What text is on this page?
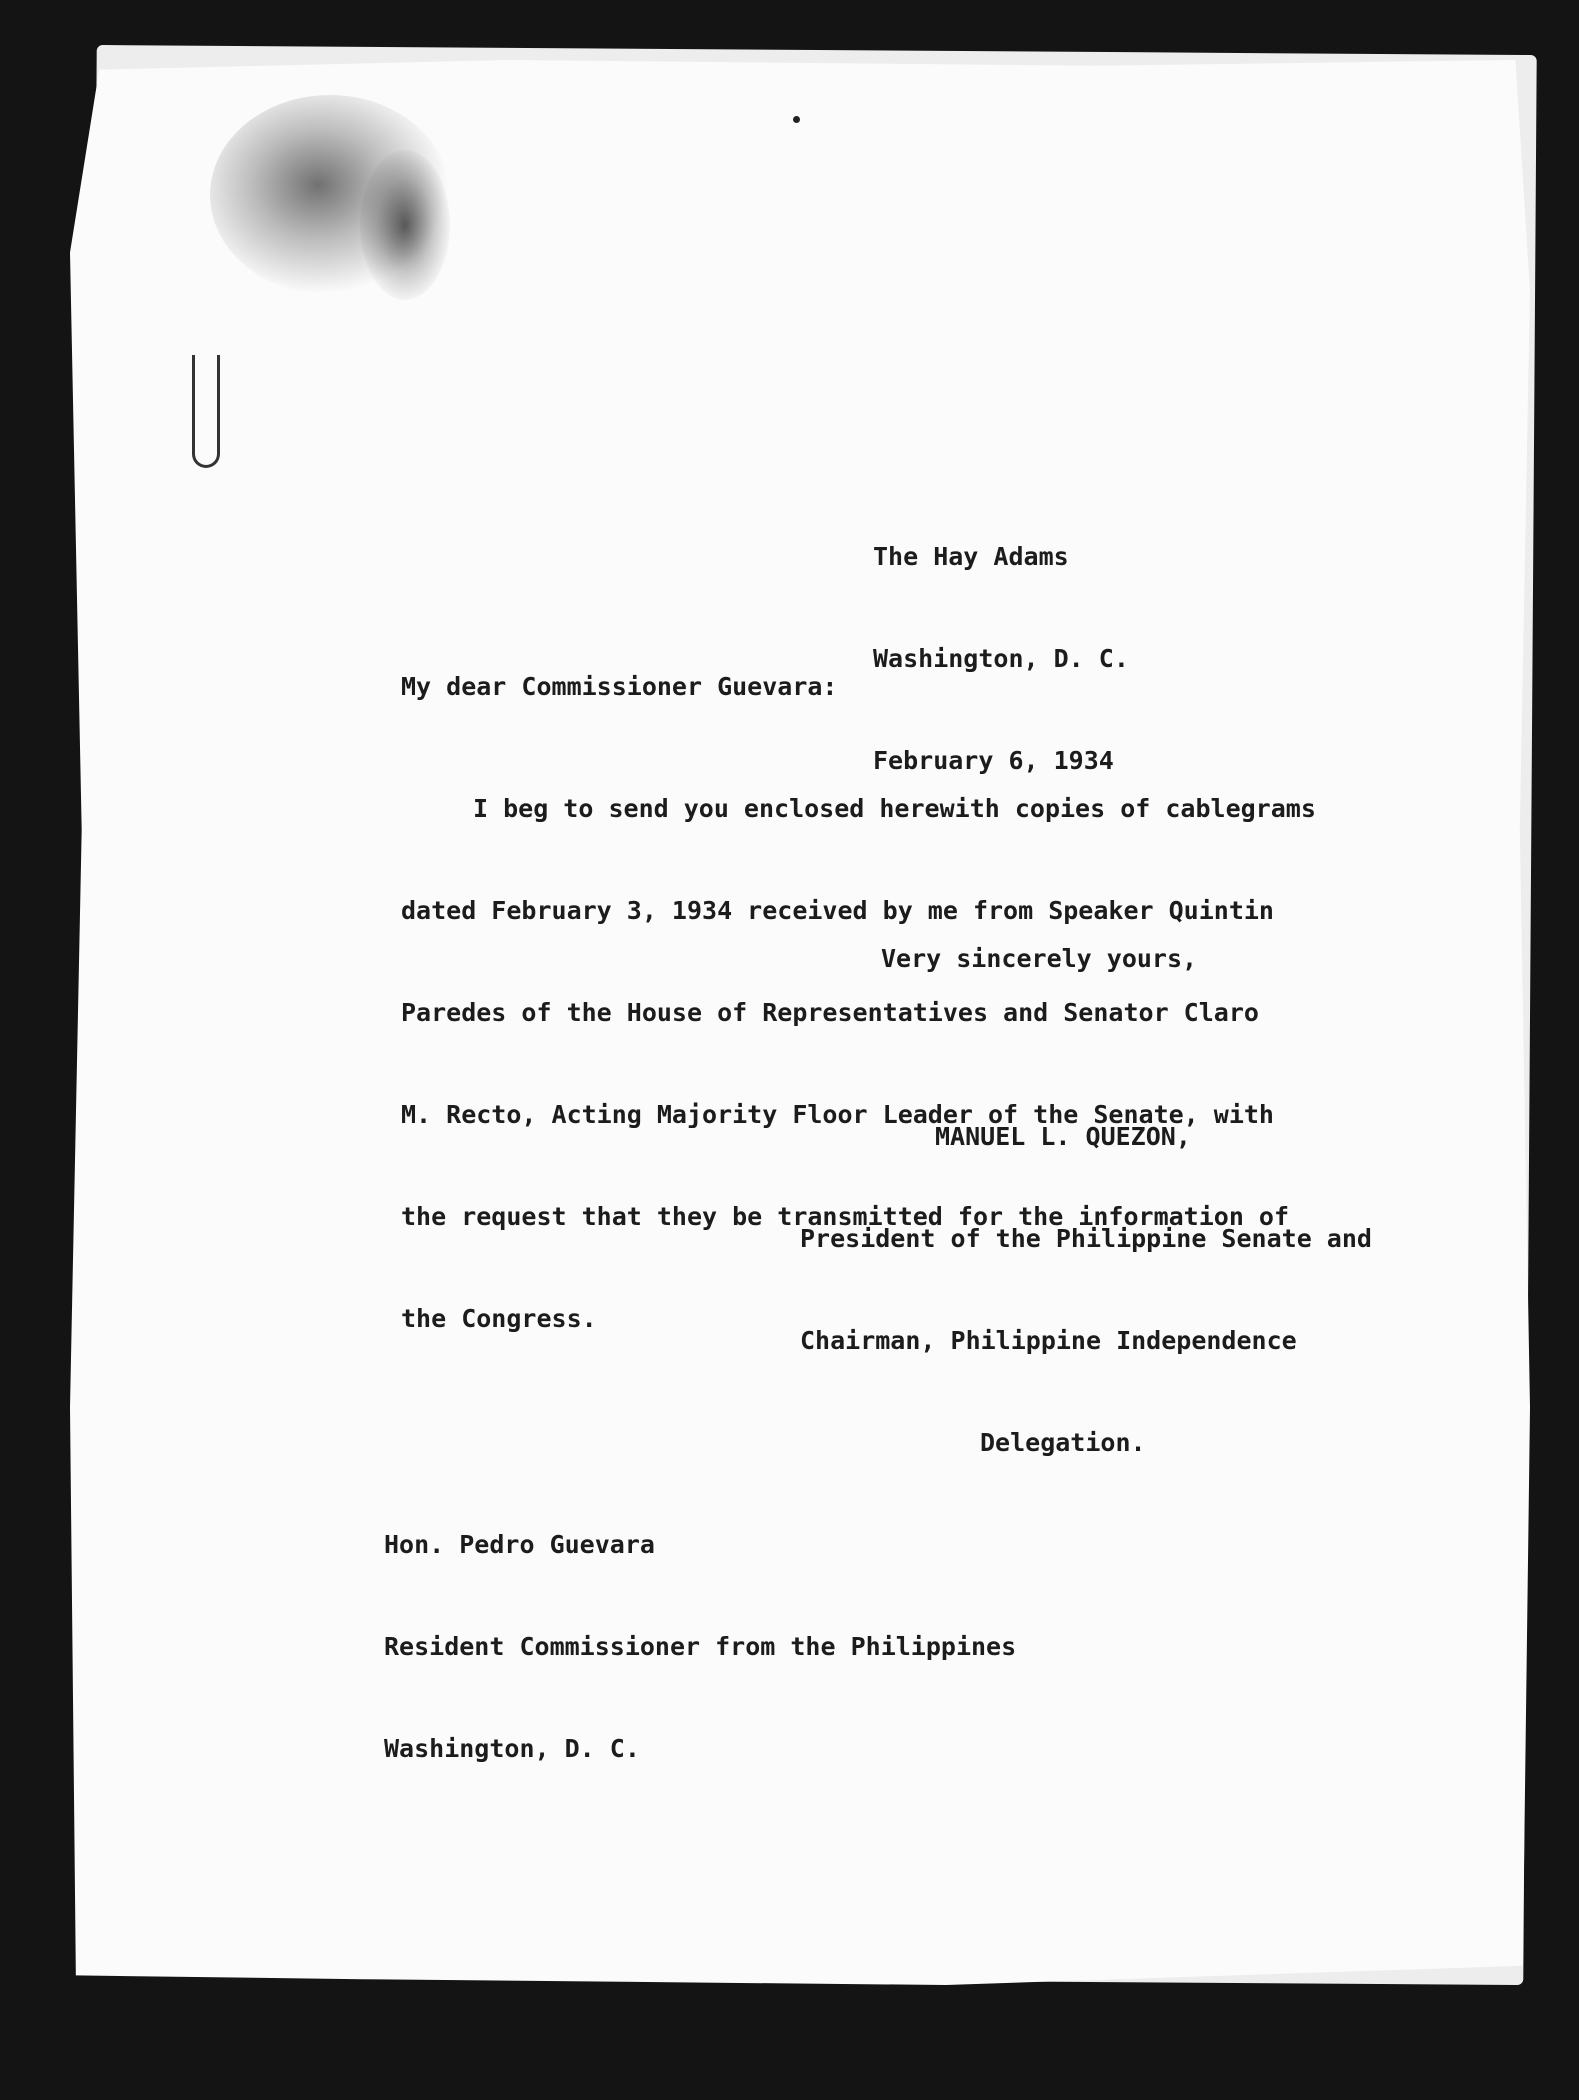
The Hay Adams

Washington, D. C.

February 6, 1934

My dear Commissioner Guevara:

I beg to send you enclosed herewith copies of cablegrams

dated February 3, 1934 received by me from Speaker Quintin

Paredes of the House of Representatives and Senator Claro

M. Recto, Acting Majority Floor Leader of the Senate, with

the request that they be transmitted for the information of

the Congress.

Very sincerely yours,

MANUEL L. QUEZON,

President of the Philippine Senate and

Chairman, Philippine Independence

Delegation.

Hon. Pedro Guevara

Resident Commissioner from the Philippines

Washington, D. C.
